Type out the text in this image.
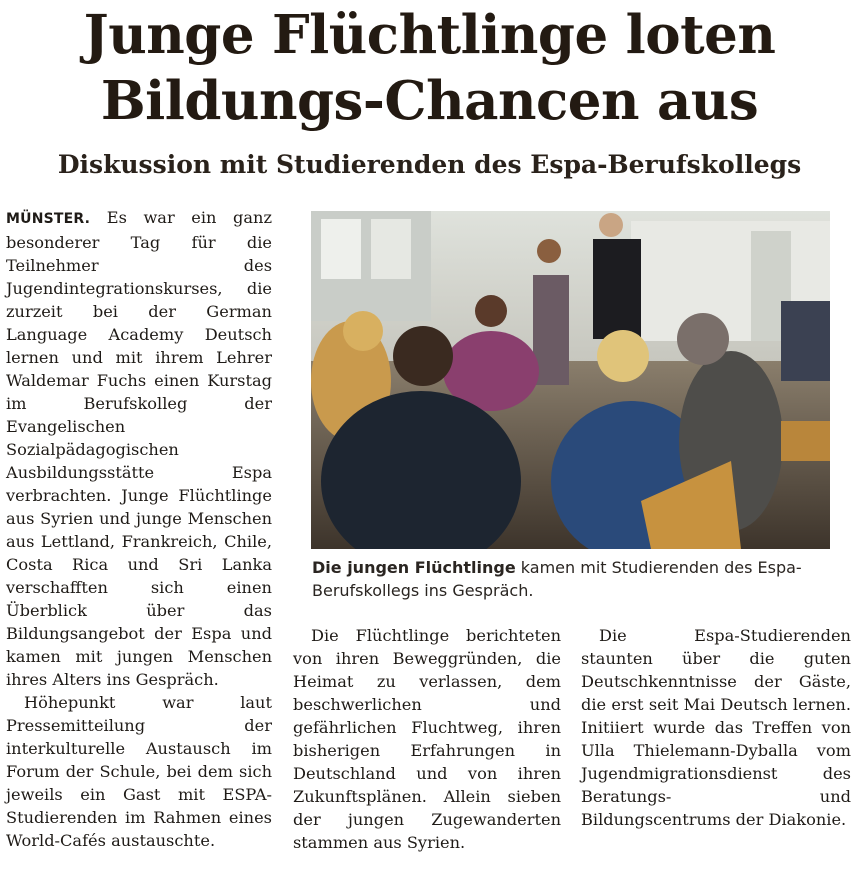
Junge Flüchtlinge loten
Bildungs-Chancen aus
Diskussion mit Studierenden des Espa-Berufskollegs

MÜNSTER. Es war ein ganz besonderer Tag für die Teilnehmer des Jugendintegrationskurses, die zurzeit bei der German Language Academy Deutsch lernen und mit ihrem Lehrer Waldemar Fuchs einen Kurstag im Berufskolleg der Evangelischen Sozialpädagogischen Ausbildungsstätte Espa verbrachten. Junge Flüchtlinge aus Syrien und junge Menschen aus Lettland, Frankreich, Chile, Costa Rica und Sri Lanka verschafften sich einen Überblick über das Bildungsangebot der Espa und kamen mit jungen Menschen ihres Alters ins Gespräch.

Höhepunkt war laut Pressemitteilung der interkulturelle Austausch im Forum der Schule, bei dem sich jeweils ein Gast mit ESPA-Studierenden im Rahmen eines World-Cafés austauschte.

Die jungen Flüchtlinge kamen mit Studierenden des Espa-Berufskollegs ins Gespräch.

Die Flüchtlinge berichteten von ihren Beweggründen, die Heimat zu verlassen, dem beschwerlichen und gefährlichen Fluchtweg, ihren bisherigen Erfahrungen in Deutschland und von ihren Zukunftsplänen. Allein sieben der jungen Zugewanderten stammen aus Syrien.

Die Espa-Studierenden staunten über die guten Deutschkenntnisse der Gäste, die erst seit Mai Deutsch lernen. Initiiert wurde das Treffen von Ulla Thielemann-Dyballa vom Jugendmigrationsdienst des Beratungs- und Bildungscentrums der Diakonie.
